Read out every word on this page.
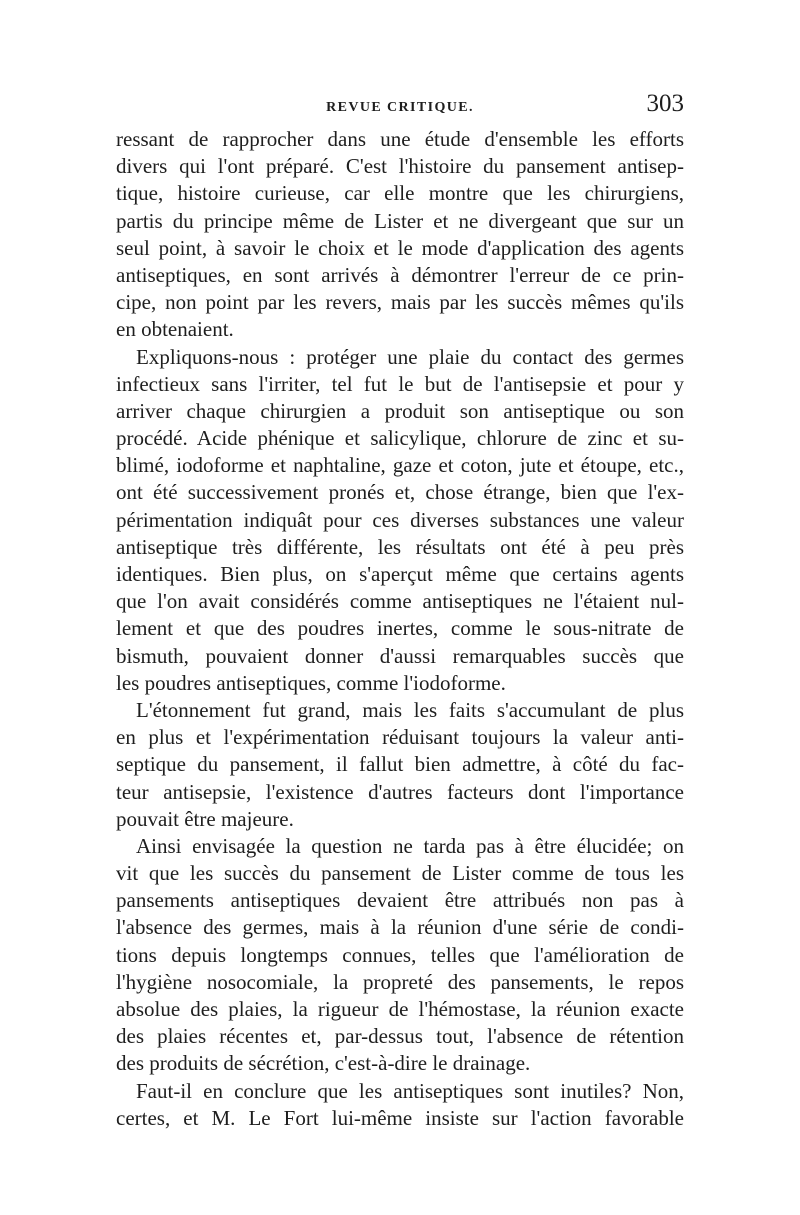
REVUE CRITIQUE.	303
ressant de rapprocher dans une étude d'ensemble les efforts
divers qui l'ont préparé. C'est l'histoire du pansement antisep-
tique, histoire curieuse, car elle montre que les chirurgiens,
partis du principe même de Lister et ne divergeant que sur un
seul point, à savoir le choix et le mode d'application des agents
antiseptiques, en sont arrivés à démontrer l'erreur de ce prin-
cipe, non point par les revers, mais par les succès mêmes qu'ils
en obtenaient.
Expliquons-nous : protéger une plaie du contact des germes
infectieux sans l'irriter, tel fut le but de l'antisepsie et pour y
arriver chaque chirurgien a produit son antiseptique ou son
procédé. Acide phénique et salicylique, chlorure de zinc et su-
blimé, iodoforme et naphtaline, gaze et coton, jute et étoupe, etc.,
ont été successivement pronés et, chose étrange, bien que l'ex-
périmentation indiquât pour ces diverses substances une valeur
antiseptique très différente, les résultats ont été à peu près
identiques. Bien plus, on s'aperçut même que certains agents
que l'on avait considérés comme antiseptiques ne l'étaient nul-
lement et que des poudres inertes, comme le sous-nitrate de
bismuth, pouvaient donner d'aussi remarquables succès que
les poudres antiseptiques, comme l'iodoforme.
L'étonnement fut grand, mais les faits s'accumulant de plus
en plus et l'expérimentation réduisant toujours la valeur anti-
septique du pansement, il fallut bien admettre, à côté du fac-
teur antisepsie, l'existence d'autres facteurs dont l'importance
pouvait être majeure.
Ainsi envisagée la question ne tarda pas à être élucidée; on
vit que les succès du pansement de Lister comme de tous les
pansements antiseptiques devaient être attribués non pas à
l'absence des germes, mais à la réunion d'une série de condi-
tions depuis longtemps connues, telles que l'amélioration de
l'hygiène nosocomiale, la propreté des pansements, le repos
absolue des plaies, la rigueur de l'hémostase, la réunion exacte
des plaies récentes et, par-dessus tout, l'absence de rétention
des produits de sécrétion, c'est-à-dire le drainage.
Faut-il en conclure que les antiseptiques sont inutiles? Non,
certes, et M. Le Fort lui-même insiste sur l'action favorable
